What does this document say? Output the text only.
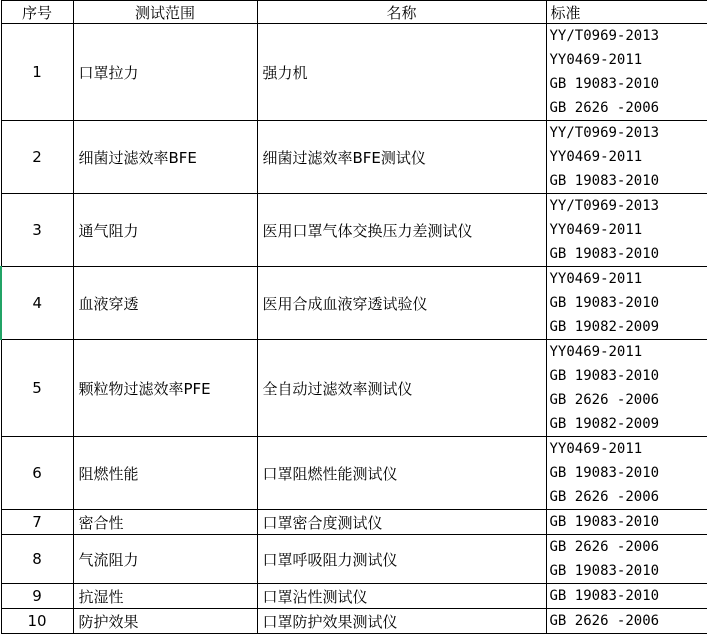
序号	测试范围	名称	标准
1	口罩拉力	强力机	YY/T0969-2013
YY0469-2011
GB 19083-2010
GB 2626 -2006

2	细菌过滤效率BFE	细菌过滤效率BFE测试仪	YY/T0969-2013
YY0469-2011
GB 19083-2010

3	通气阻力	医用口罩气体交换压力差测试仪	YY/T0969-2013
YY0469-2011
GB 19083-2010

4	血液穿透	医用合成血液穿透试验仪	YY0469-2011
GB 19083-2010
GB 19082-2009

5	颗粒物过滤效率PFE	全自动过滤效率测试仪	YY0469-2011
GB 19083-2010
GB 2626 -2006
GB 19082-2009

6	阻燃性能	口罩阻燃性能测试仪	YY0469-2011
GB 19083-2010
GB 2626 -2006

7	密合性	口罩密合度测试仪	GB 19083-2010

8	气流阻力	口罩呼吸阻力测试仪	GB 2626 -2006
GB 19083-2010

9	抗湿性	口罩沾性测试仪	GB 19083-2010

10	防护效果	口罩防护效果测试仪	GB 2626 -2006
